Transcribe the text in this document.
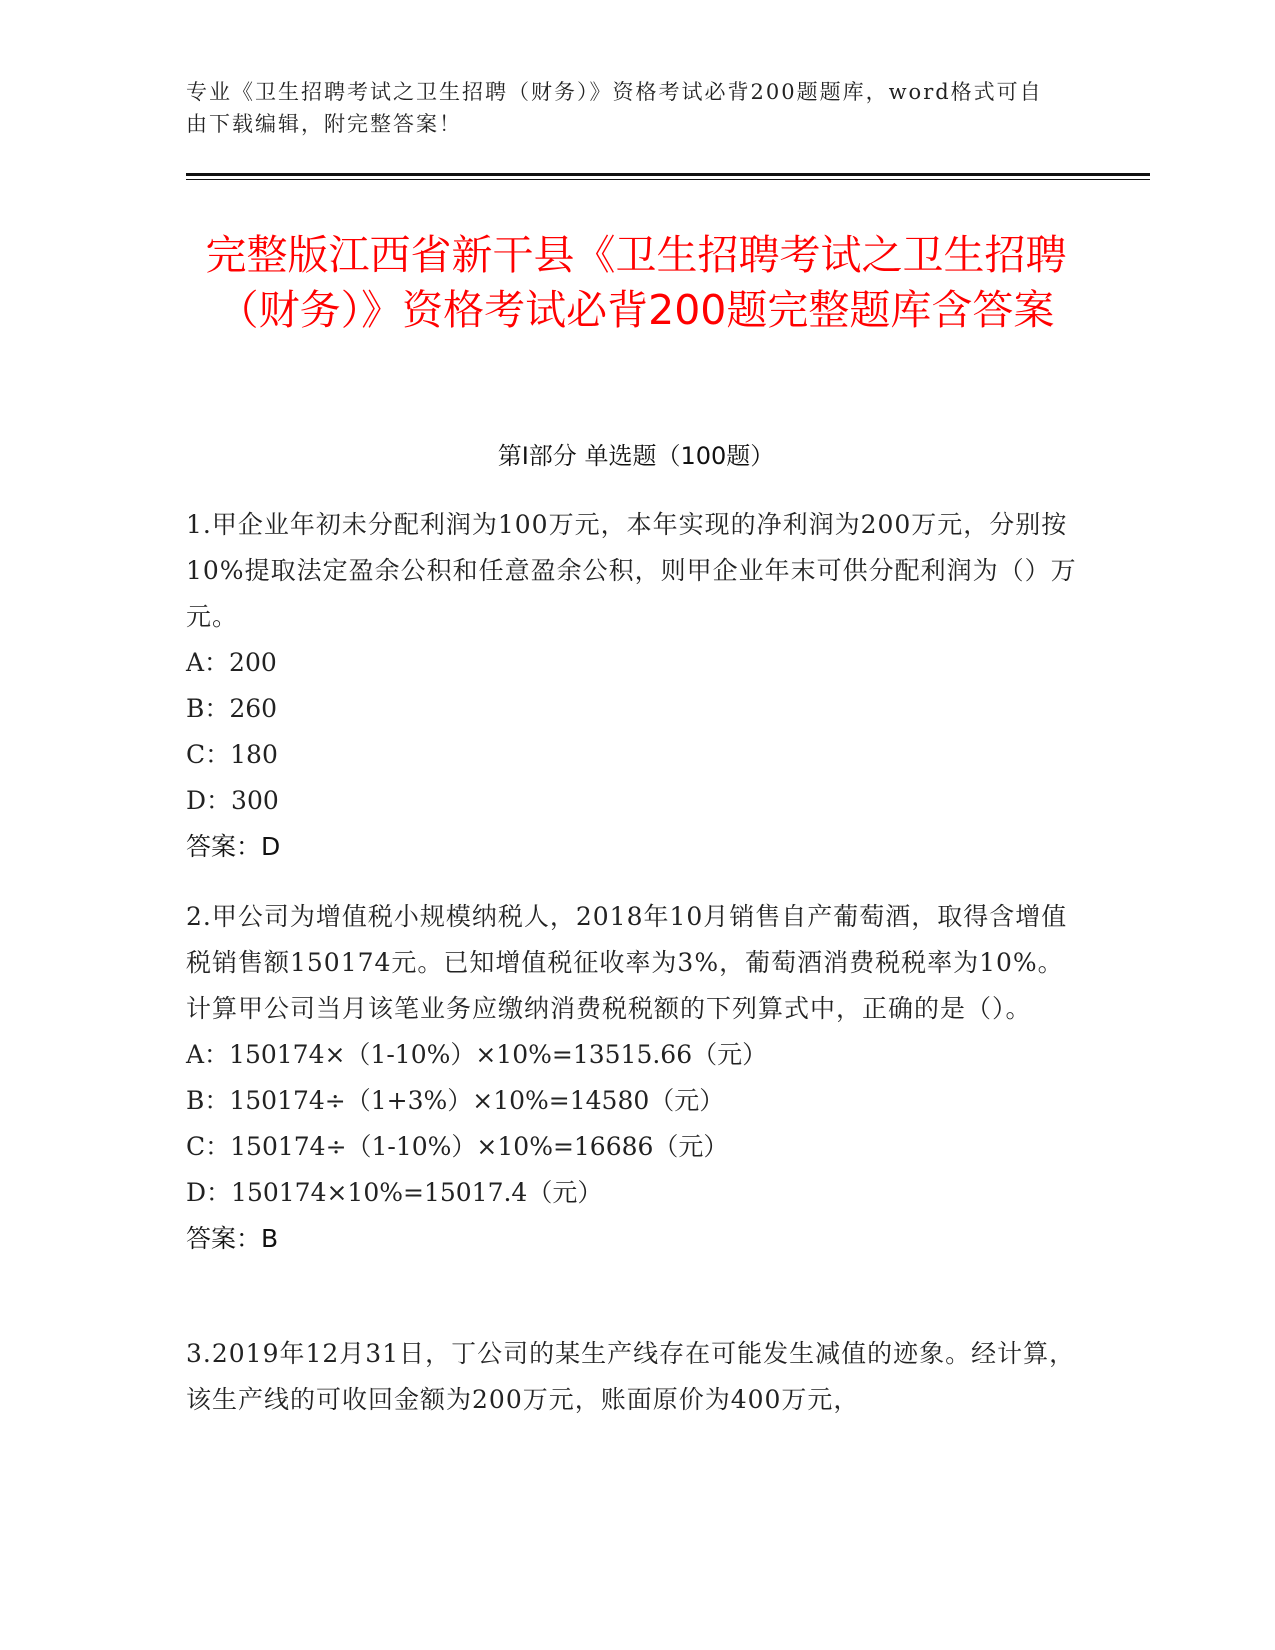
专业《卫生招聘考试之卫生招聘（财务）》资格考试必背200题题库，word格式可自由下载编辑，附完整答案！
完整版江西省新干县《卫生招聘考试之卫生招聘（财务）》资格考试必背200题完整题库含答案
第Ⅰ部分 单选题（100题）
1.甲企业年初未分配利润为100万元，本年实现的净利润为200万元，分别按10%提取法定盈余公积和任意盈余公积，则甲企业年末可供分配利润为（）万元。
A：200
B：260
C：180
D：300
答案：D
2.甲公司为增值税小规模纳税人，2018年10月销售自产葡萄酒，取得含增值税销售额150174元。已知增值税征收率为3%，葡萄酒消费税税率为10%。计算甲公司当月该笔业务应缴纳消费税税额的下列算式中，正确的是（）。
A：150174×（1-10%）×10%=13515.66（元）
B：150174÷（1+3%）×10%=14580（元）
C：150174÷（1-10%）×10%=16686（元）
D：150174×10%=15017.4（元）
答案：B
3.2019年12月31日，丁公司的某生产线存在可能发生减值的迹象。经计算，该生产线的可收回金额为200万元，账面原价为400万元，
